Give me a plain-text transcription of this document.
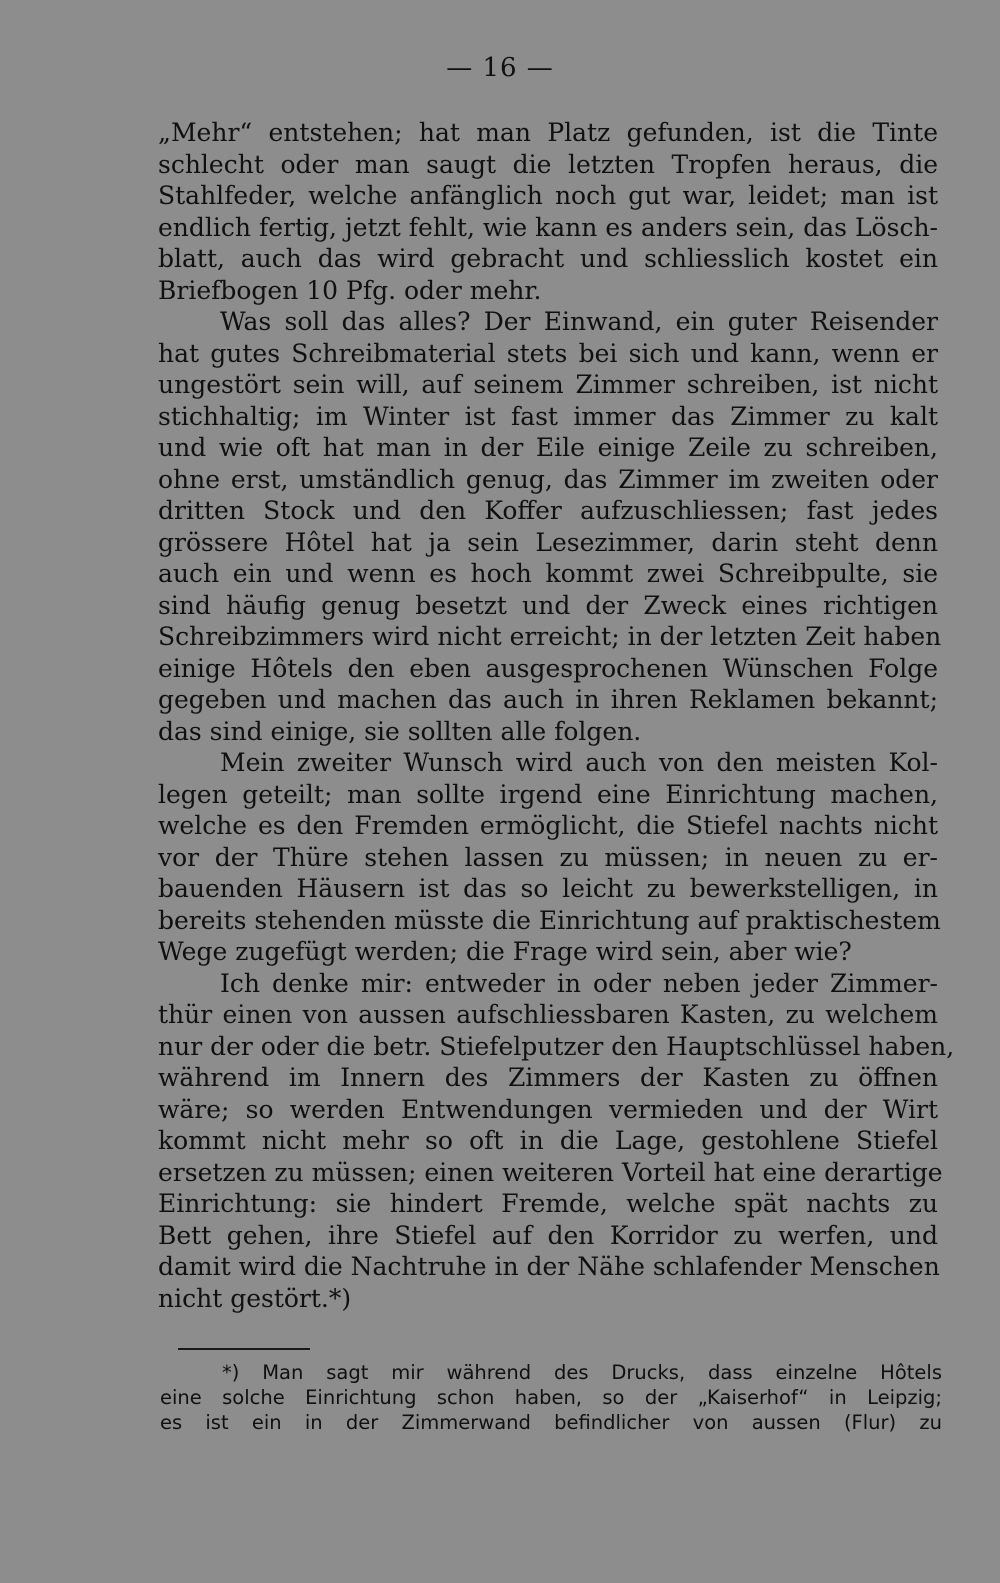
— 16 —
„Mehr“ entstehen; hat man Platz gefunden, ist die Tinte
schlecht oder man saugt die letzten Tropfen heraus, die
Stahlfeder, welche anfänglich noch gut war, leidet; man ist
endlich fertig, jetzt fehlt, wie kann es anders sein, das Lösch-
blatt, auch das wird gebracht und schliesslich kostet ein
Briefbogen 10 Pfg. oder mehr.
Was soll das alles? Der Einwand, ein guter Reisender
hat gutes Schreibmaterial stets bei sich und kann, wenn er
ungestört sein will, auf seinem Zimmer schreiben, ist nicht
stichhaltig; im Winter ist fast immer das Zimmer zu kalt
und wie oft hat man in der Eile einige Zeile zu schreiben,
ohne erst, umständlich genug, das Zimmer im zweiten oder
dritten Stock und den Koffer aufzuschliessen; fast jedes
grössere Hôtel hat ja sein Lesezimmer, darin steht denn
auch ein und wenn es hoch kommt zwei Schreibpulte, sie
sind häufig genug besetzt und der Zweck eines richtigen
Schreibzimmers wird nicht erreicht; in der letzten Zeit haben
einige Hôtels den eben ausgesprochenen Wünschen Folge
gegeben und machen das auch in ihren Reklamen bekannt;
das sind einige, sie sollten alle folgen.
Mein zweiter Wunsch wird auch von den meisten Kol-
legen geteilt; man sollte irgend eine Einrichtung machen,
welche es den Fremden ermöglicht, die Stiefel nachts nicht
vor der Thüre stehen lassen zu müssen; in neuen zu er-
bauenden Häusern ist das so leicht zu bewerkstelligen, in
bereits stehenden müsste die Einrichtung auf praktischestem
Wege zugefügt werden; die Frage wird sein, aber wie?
Ich denke mir: entweder in oder neben jeder Zimmer-
thür einen von aussen aufschliessbaren Kasten, zu welchem
nur der oder die betr. Stiefelputzer den Hauptschlüssel haben,
während im Innern des Zimmers der Kasten zu öffnen
wäre; so werden Entwendungen vermieden und der Wirt
kommt nicht mehr so oft in die Lage, gestohlene Stiefel
ersetzen zu müssen; einen weiteren Vorteil hat eine derartige
Einrichtung: sie hindert Fremde, welche spät nachts zu
Bett gehen, ihre Stiefel auf den Korridor zu werfen, und
damit wird die Nachtruhe in der Nähe schlafender Menschen
nicht gestört.*)
*) Man sagt mir während des Drucks, dass einzelne Hôtels
eine solche Einrichtung schon haben, so der „Kaiserhof“ in Leipzig;
es ist ein in der Zimmerwand befindlicher von aussen (Flur) zu
